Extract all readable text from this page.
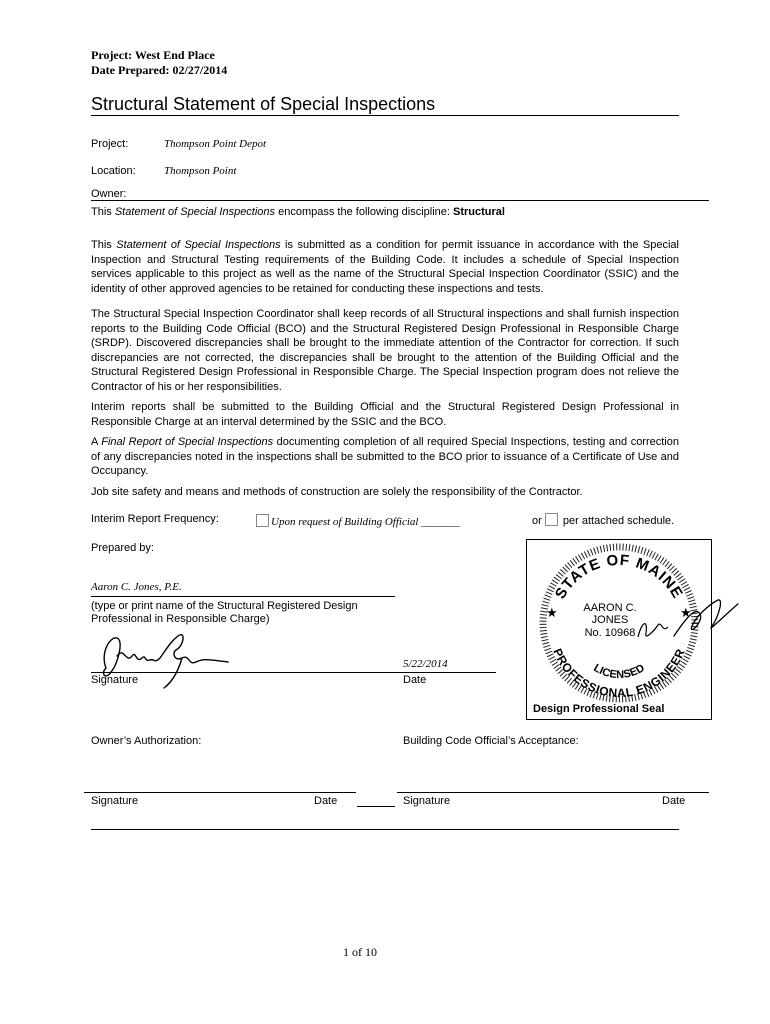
Project: West End Place
Date Prepared: 02/27/2014
Structural Statement of Special Inspections
Project:	Thompson Point Depot
Location:	Thompson Point
Owner:
This Statement of Special Inspections encompass the following discipline: Structural

This Statement of Special Inspections is submitted as a condition for permit issuance in accordance with the Special Inspection and Structural Testing requirements of the Building Code. It includes a schedule of Special Inspection services applicable to this project as well as the name of the Structural Special Inspection Coordinator (SSIC) and the identity of other approved agencies to be retained for conducting these inspections and tests.

The Structural Special Inspection Coordinator shall keep records of all Structural inspections and shall furnish inspection reports to the Building Code Official (BCO) and the Structural Registered Design Professional in Responsible Charge (SRDP). Discovered discrepancies shall be brought to the immediate attention of the Contractor for correction. If such discrepancies are not corrected, the discrepancies shall be brought to the attention of the Building Official and the Structural Registered Design Professional in Responsible Charge. The Special Inspection program does not relieve the Contractor of his or her responsibilities.

Interim reports shall be submitted to the Building Official and the Structural Registered Design Professional in Responsible Charge at an interval determined by the SSIC and the BCO.

A Final Report of Special Inspections documenting completion of all required Special Inspections, testing and correction of any discrepancies noted in the inspections shall be submitted to the BCO prior to issuance of a Certificate of Use and Occupancy.

Job site safety and means and methods of construction are solely the responsibility of the Contractor.

Interim Report Frequency:	Upon request of Building Official _______	or per attached schedule.
Prepared by:
Aaron C. Jones, P.E.
(type or print name of the Structural Registered Design
Professional in Responsible Charge)
Signature
5/22/2014
Date
STATE OF MAINE
PROFESSIONAL ENGINEER
LICENSED
★	★
AARON C.
JONES
No. 10968
Design Professional Seal
Owner’s Authorization:	Building Code Official’s Acceptance:
Signature	Date	Signature	Date
1 of 10
